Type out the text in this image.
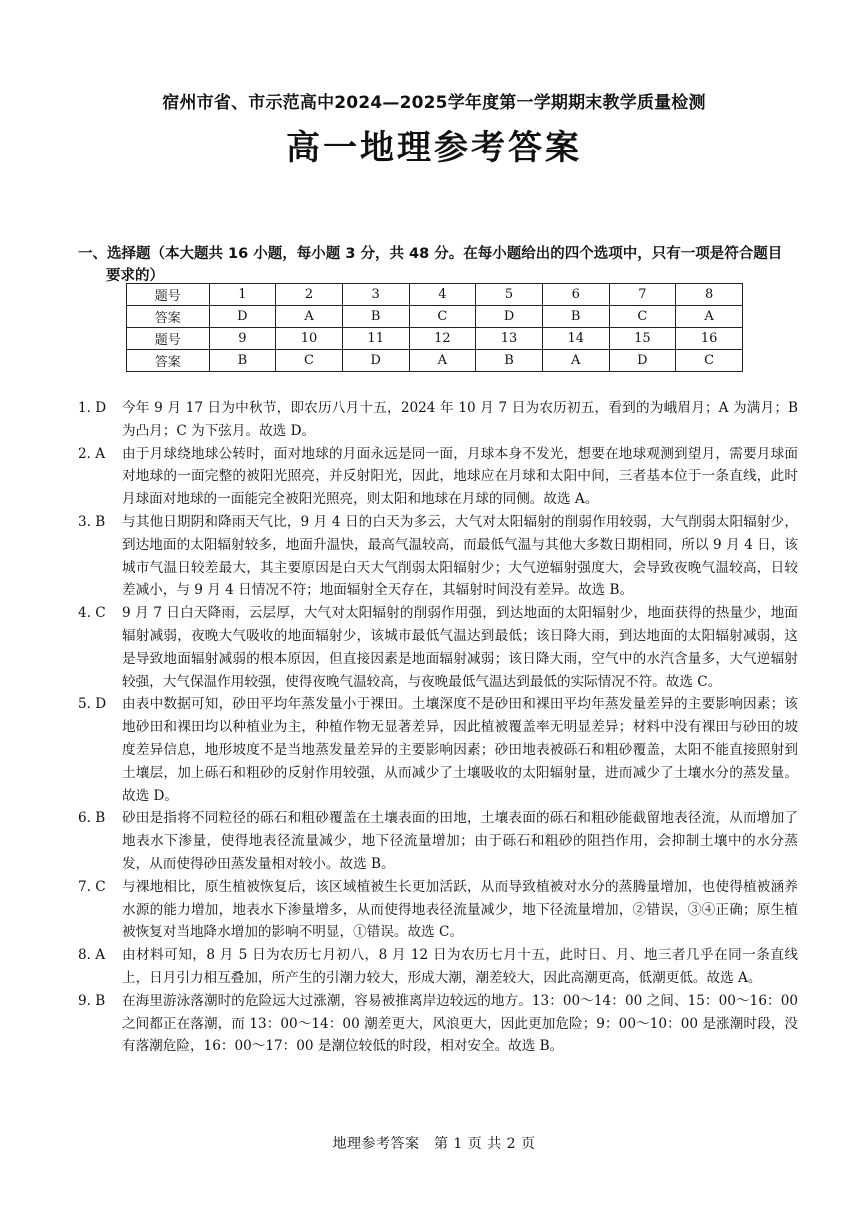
宿州市省、市示范高中2024—2025学年度第一学期期末教学质量检测
高一地理参考答案
一、选择题（本大题共 16 小题，每小题 3 分，共 48 分。在每小题给出的四个选项中，只有一项是符合题目
要求的）
题号	1	2	3	4	5	6	7	8
答案	D	A	B	C	D	B	C	A
题号	9	10	11	12	13	14	15	16
答案	B	C	D	A	B	A	D	C
1. D	今年 9 月 17 日为中秋节，即农历八月十五，2024 年 10 月 7 日为农历初五，看到的为峨眉月；A 为满月；B 为凸月；C 为下弦月。故选 D。
2. A	由于月球绕地球公转时，面对地球的月面永远是同一面，月球本身不发光，想要在地球观测到望月，需要月球面对地球的一面完整的被阳光照亮，并反射阳光，因此，地球应在月球和太阳中间，三者基本位于一条直线，此时月球面对地球的一面能完全被阳光照亮，则太阳和地球在月球的同侧。故选 A。
3. B	与其他日期阴和降雨天气比，9 月 4 日的白天为多云，大气对太阳辐射的削弱作用较弱，大气削弱太阳辐射少，到达地面的太阳辐射较多，地面升温快，最高气温较高，而最低气温与其他大多数日期相同，所以 9 月 4 日，该城市气温日较差最大，其主要原因是白天大气削弱太阳辐射少；大气逆辐射强度大，会导致夜晚气温较高，日较差减小，与 9 月 4 日情况不符；地面辐射全天存在，其辐射时间没有差异。故选 B。
4. C	9 月 7 日白天降雨，云层厚，大气对太阳辐射的削弱作用强，到达地面的太阳辐射少，地面获得的热量少，地面辐射减弱，夜晚大气吸收的地面辐射少，该城市最低气温达到最低；该日降大雨，到达地面的太阳辐射减弱，这是导致地面辐射减弱的根本原因，但直接因素是地面辐射减弱；该日降大雨，空气中的水汽含量多，大气逆辐射较强，大气保温作用较强，使得夜晚气温较高，与夜晚最低气温达到最低的实际情况不符。故选 C。
5. D	由表中数据可知，砂田平均年蒸发量小于裸田。土壤深度不是砂田和裸田平均年蒸发量差异的主要影响因素；该地砂田和裸田均以种植业为主，种植作物无显著差异，因此植被覆盖率无明显差异；材料中没有裸田与砂田的坡度差异信息，地形坡度不是当地蒸发量差异的主要影响因素；砂田地表被砾石和粗砂覆盖，太阳不能直接照射到土壤层，加上砾石和粗砂的反射作用较强，从而减少了土壤吸收的太阳辐射量，进而减少了土壤水分的蒸发量。故选 D。
6. B	砂田是指将不同粒径的砾石和粗砂覆盖在土壤表面的田地，土壤表面的砾石和粗砂能截留地表径流，从而增加了地表水下渗量，使得地表径流量减少，地下径流量增加；由于砾石和粗砂的阻挡作用，会抑制土壤中的水分蒸发，从而使得砂田蒸发量相对较小。故选 B。
7. C	与裸地相比，原生植被恢复后，该区域植被生长更加活跃，从而导致植被对水分的蒸腾量增加，也使得植被涵养水源的能力增加，地表水下渗量增多，从而使得地表径流量减少，地下径流量增加，②错误，③④正确；原生植被恢复对当地降水增加的影响不明显，①错误。故选 C。
8. A	由材料可知，8 月 5 日为农历七月初八，8 月 12 日为农历七月十五，此时日、月、地三者几乎在同一条直线上，日月引力相互叠加，所产生的引潮力较大，形成大潮，潮差较大，因此高潮更高，低潮更低。故选 A。
9. B	在海里游泳落潮时的危险远大过涨潮，容易被推离岸边较远的地方。13：00～14：00 之间、15：00～16：00 之间都正在落潮，而 13：00～14：00 潮差更大，风浪更大，因此更加危险；9：00～10：00 是涨潮时段，没有落潮危险，16：00～17：00 是潮位较低的时段，相对安全。故选 B。
地理参考答案　第 1 页 共 2 页
